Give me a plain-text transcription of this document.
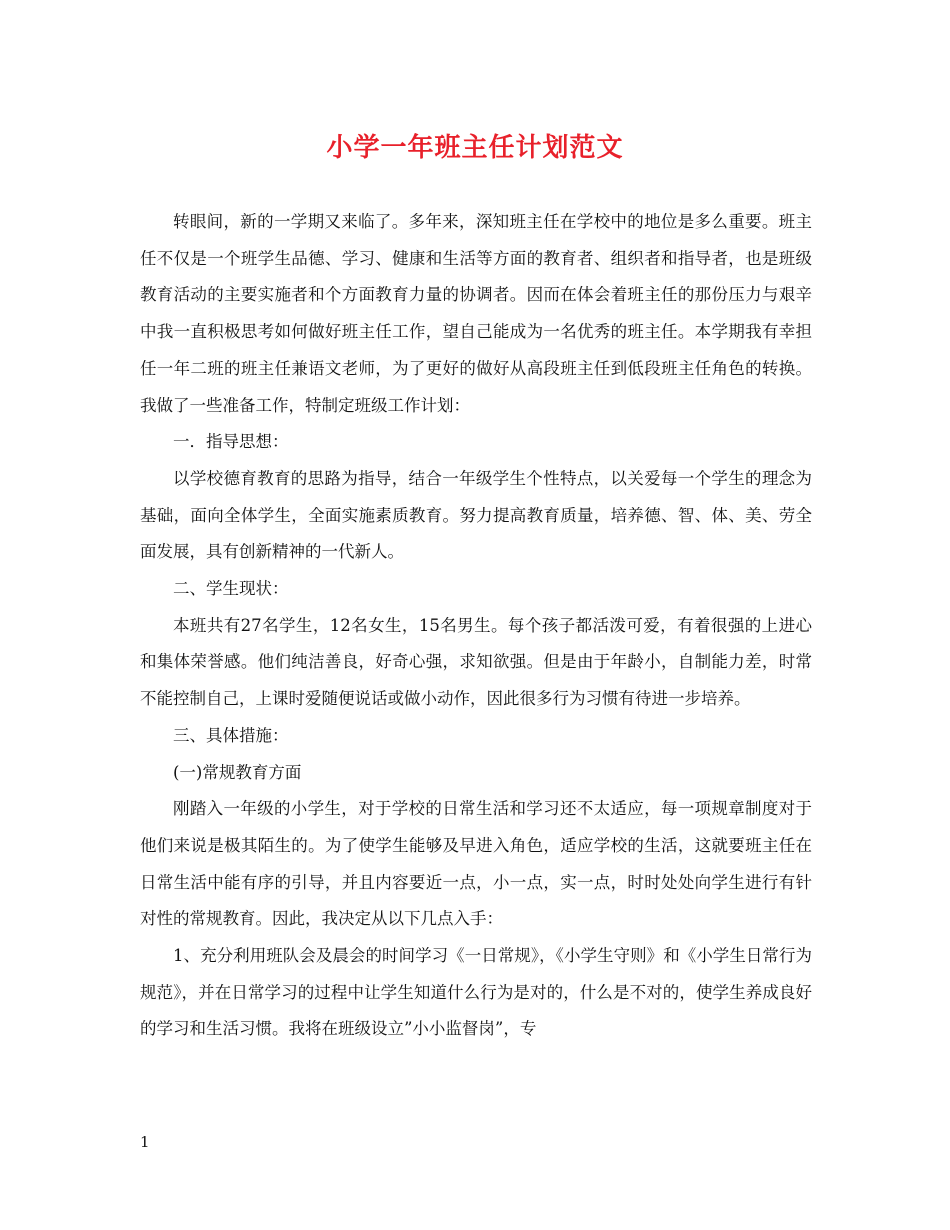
小学一年班主任计划范文

转眼间，新的一学期又来临了。多年来，深知班主任在学校中的地位是多么重要。班主任不仅是一个班学生品德、学习、健康和生活等方面的教育者、组织者和指导者，也是班级教育活动的主要实施者和个方面教育力量的协调者。因而在体会着班主任的那份压力与艰辛中我一直积极思考如何做好班主任工作，望自己能成为一名优秀的班主任。本学期我有幸担任一年二班的班主任兼语文老师，为了更好的做好从高段班主任到低段班主任角色的转换。我做了一些准备工作，特制定班级工作计划：

一．指导思想：

以学校德育教育的思路为指导，结合一年级学生个性特点，以关爱每一个学生的理念为基础，面向全体学生，全面实施素质教育。努力提高教育质量，培养德、智、体、美、劳全面发展，具有创新精神的一代新人。

二、学生现状：

本班共有27名学生，12名女生，15名男生。每个孩子都活泼可爱，有着很强的上进心和集体荣誉感。他们纯洁善良，好奇心强，求知欲强。但是由于年龄小，自制能力差，时常不能控制自己，上课时爱随便说话或做小动作，因此很多行为习惯有待进一步培养。

三、具体措施：

(一)常规教育方面

刚踏入一年级的小学生，对于学校的日常生活和学习还不太适应，每一项规章制度对于他们来说是极其陌生的。为了使学生能够及早进入角色，适应学校的生活，这就要班主任在日常生活中能有序的引导，并且内容要近一点，小一点，实一点，时时处处向学生进行有针对性的常规教育。因此，我决定从以下几点入手：

1、充分利用班队会及晨会的时间学习《一日常规》，《小学生守则》和《小学生日常行为规范》，并在日常学习的过程中让学生知道什么行为是对的，什么是不对的，使学生养成良好的学习和生活习惯。我将在班级设立”小小监督岗”，专

1
